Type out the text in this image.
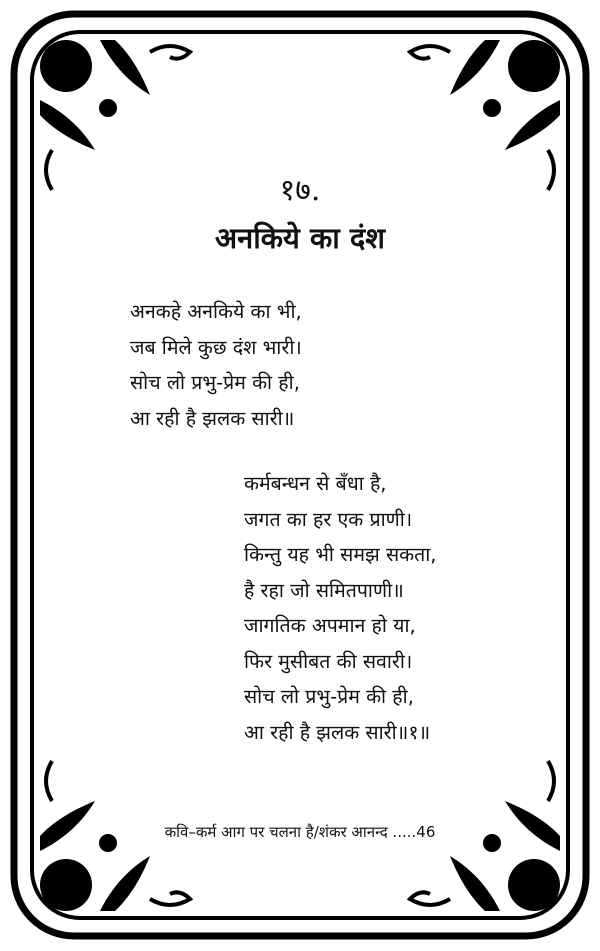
१७.
अनकिये का दंश
अनकहे अनकिये का भी,
जब मिले कुछ दंश भारी।
सोच लो प्रभु-प्रेम की ही,
आ रही है झलक सारी॥
कर्मबन्धन से बँधा है,
जगत का हर एक प्राणी।
किन्तु यह भी समझ सकता,
है रहा जो समितपाणी॥
जागतिक अपमान हो या,
फिर मुसीबत की सवारी।
सोच लो प्रभु-प्रेम की ही,
आ रही है झलक सारी॥१॥
कवि–कर्म आग पर चलना है/शंकर आनन्द .....46
